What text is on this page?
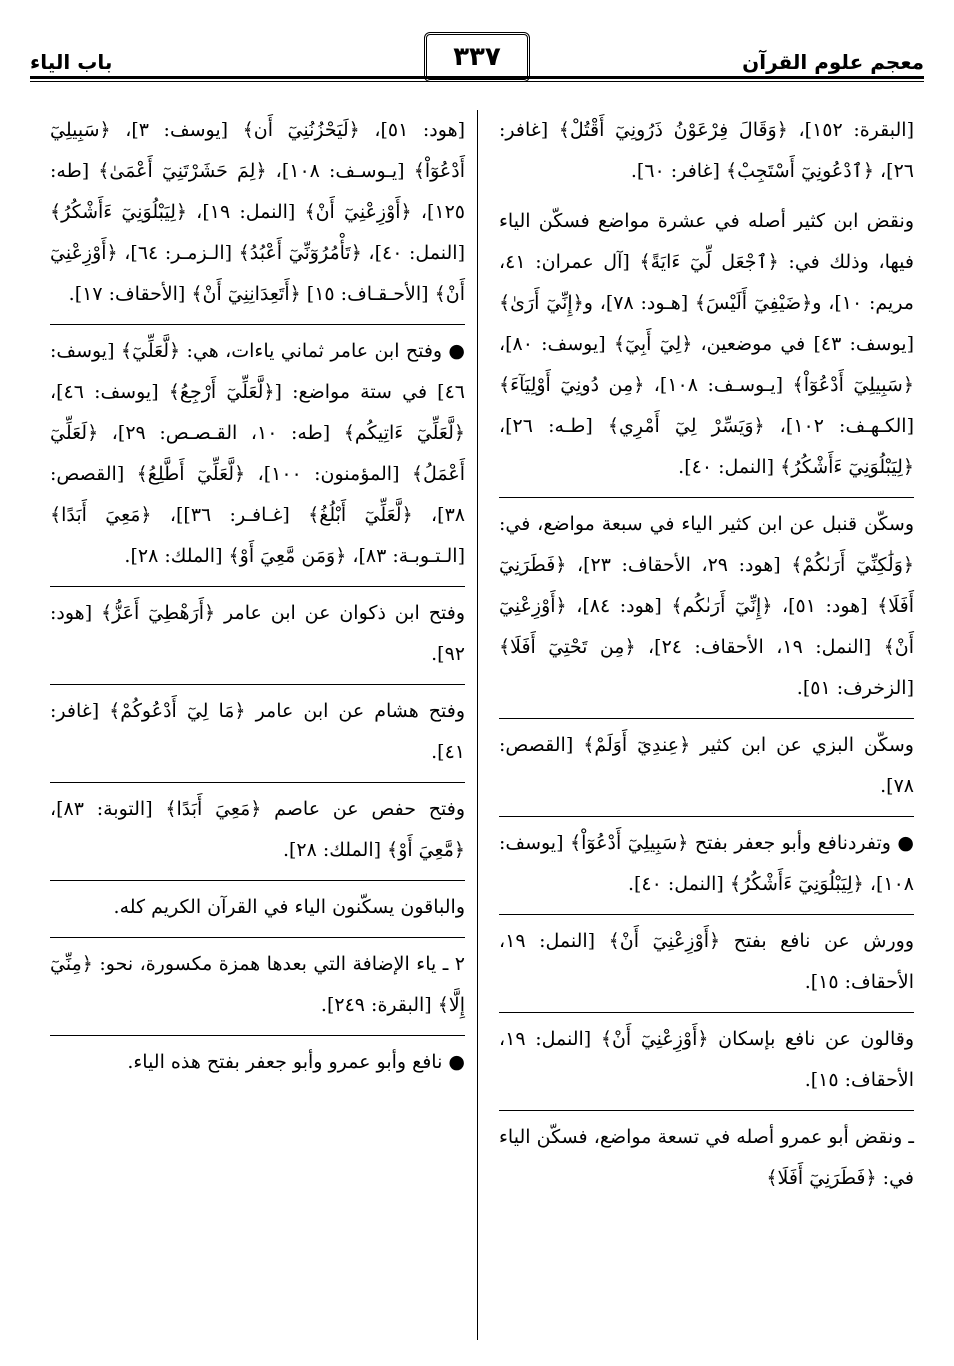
معجم علوم القرآن
٣٣٧
باب الياء

[البقرة: ١٥٢]، ﴿وَقَالَ فِرْعَوْنُ ذَرُونِيٓ أَقْتُلْ﴾ [غافر: ٢٦]، ﴿ٱدْعُونِيٓ أَسْتَجِبْ﴾ [غافر: ٦٠].

ونقض ابن كثير أصله في عشرة مواضع فسكّن الياء فيها، وذلك في: ﴿ٱجْعَل لِّيٓ ءَايَةً﴾ [آل عمران: ٤١، مريم: ١٠]، و﴿ضَيْفِيٓ أَلَيْسَ﴾ [هـود: ٧٨]، و﴿إِنِّيٓ أَرَىٰ﴾ [يوسف: ٤٣] في موضعين، ﴿لِيٓ أَبِيٓ﴾ [يوسف: ٨٠]، ﴿سَبِيلِيٓ أَدْعُوٓاْ﴾ [يـوسـف: ١٠٨]، ﴿مِن دُونِيٓ أَوْلِيَآءَ﴾ [الكـهـف: ١٠٢]، ﴿وَيَسِّرْ لِيٓ أَمْرِي﴾ [طـه: ٢٦]، ﴿لِيَبْلُوَنِيٓ ءَأَشْكُرُ﴾ [النمل: ٤٠].

وسكّن قنبل عن ابن كثير الياء في سبعة مواضع، في: ﴿وَلَٰكِنِّيٓ أَرَىٰكُمْ﴾ [هود: ٢٩، الأحقاف: ٢٣]، ﴿فَطَرَنِيٓ أَفَلَا﴾ [هود: ٥١]، ﴿إِنِّيٓ أَرَىٰكُم﴾ [هود: ٨٤]، ﴿أَوْزِعْنِيٓ أَنْ﴾ [النمل: ١٩، الأحقاف: ٢٤]، ﴿مِن تَحْتِيٓ أَفَلَا﴾ [الزخرف: ٥١].

وسكّن البزي عن ابن كثير ﴿عِندِيٓ أَوَلَمْ﴾ [القصص: ٧٨].

● وتفردنافع وأبو جعفر بفتح ﴿سَبِيلِيٓ أَدْعُوٓاْ﴾ [يوسف: ١٠٨]، ﴿لِيَبْلُوَنِيٓ ءَأَشْكُرُ﴾ [النمل: ٤٠].

وورش عن نافع بفتح ﴿أَوْزِعْنِيٓ أَنْ﴾ [النمل: ١٩، الأحقاف: ١٥].

وقالون عن نافع بإسكان ﴿أَوْزِعْنِيٓ أَنْ﴾ [النمل: ١٩، الأحقاف: ١٥].

ـ ونقض أبو عمرو أصله في تسعة مواضع، فسكّن الياء في: ﴿فَطَرَنِيٓ أَفَلَا﴾

[هود: ٥١]، ﴿لَيَحْزُنُنِيٓ أَن﴾ [يوسف: ٣]، ﴿سَبِيلِيٓ أَدْعُوٓاْ﴾ [يـوسـف: ١٠٨]، ﴿لِمَ حَشَرْتَنِيٓ أَعْمَىٰ﴾ [طه: ١٢٥]، ﴿أَوْزِعْنِيٓ أَنْ﴾ [النمل: ١٩]، ﴿لِيَبْلُوَنِيٓ ءَأَشْكُرُ﴾ [النمل: ٤٠]، ﴿تَأْمُرُوٓنِّيٓ أَعْبُدُ﴾ [الـزمـر: ٦٤]، ﴿أَوْزِعْنِيٓ أَنْ﴾ [الأحـقـاف: ١٥] ﴿أَتَعِدَانِنِيٓ أَنْ﴾ [الأحقاف: ١٧].

● وفتح ابن عامر ثماني ياءات، هي: ﴿لَّعَلِّيٓ﴾ [يوسف: ٤٦] في ستة مواضع: [﴿لَّعَلِّيٓ أَرْجِعُ﴾ [يوسف: ٤٦]، ﴿لَّعَلِّيٓ ءَاتِيكُم﴾ [طه: ١٠، القـصـص: ٢٩]، ﴿لَعَلِّيٓ أَعْمَلُ﴾ [المؤمنون: ١٠٠]، ﴿لَّعَلِّيٓ أَطَّلِعُ﴾ [القصص: ٣٨]، ﴿لَّعَلِّيٓ أَبْلُغُ﴾ [غـافـر: ٣٦]]، ﴿مَعِيَ أَبَدًا﴾ [الـتـوبـة: ٨٣]، ﴿وَمَن مَّعِيَ أَوْ﴾ [الملك: ٢٨].

وفتح ابن ذكوان عن ابن عامر ﴿أَرَهْطِيٓ أَعَزُّ﴾ [هود: ٩٢].

وفتح هشام عن ابن عامر ﴿مَا لِيٓ أَدْعُوكُمْ﴾ [غافر: ٤١].

وفتح حفص عن عاصم ﴿مَعِيَ أَبَدًا﴾ [التوبة: ٨٣]، ﴿مَّعِيَ أَوْ﴾ [الملك: ٢٨].

والباقون يسكّنون الياء في القرآن الكريم كله.

٢ ـ ياء الإضافة التي بعدها همزة مكسورة، نحو: ﴿مِنِّيٓ إِلَّا﴾ [البقرة: ٢٤٩].

● نافع وأبو عمرو وأبو جعفر بفتح هذه الياء.
